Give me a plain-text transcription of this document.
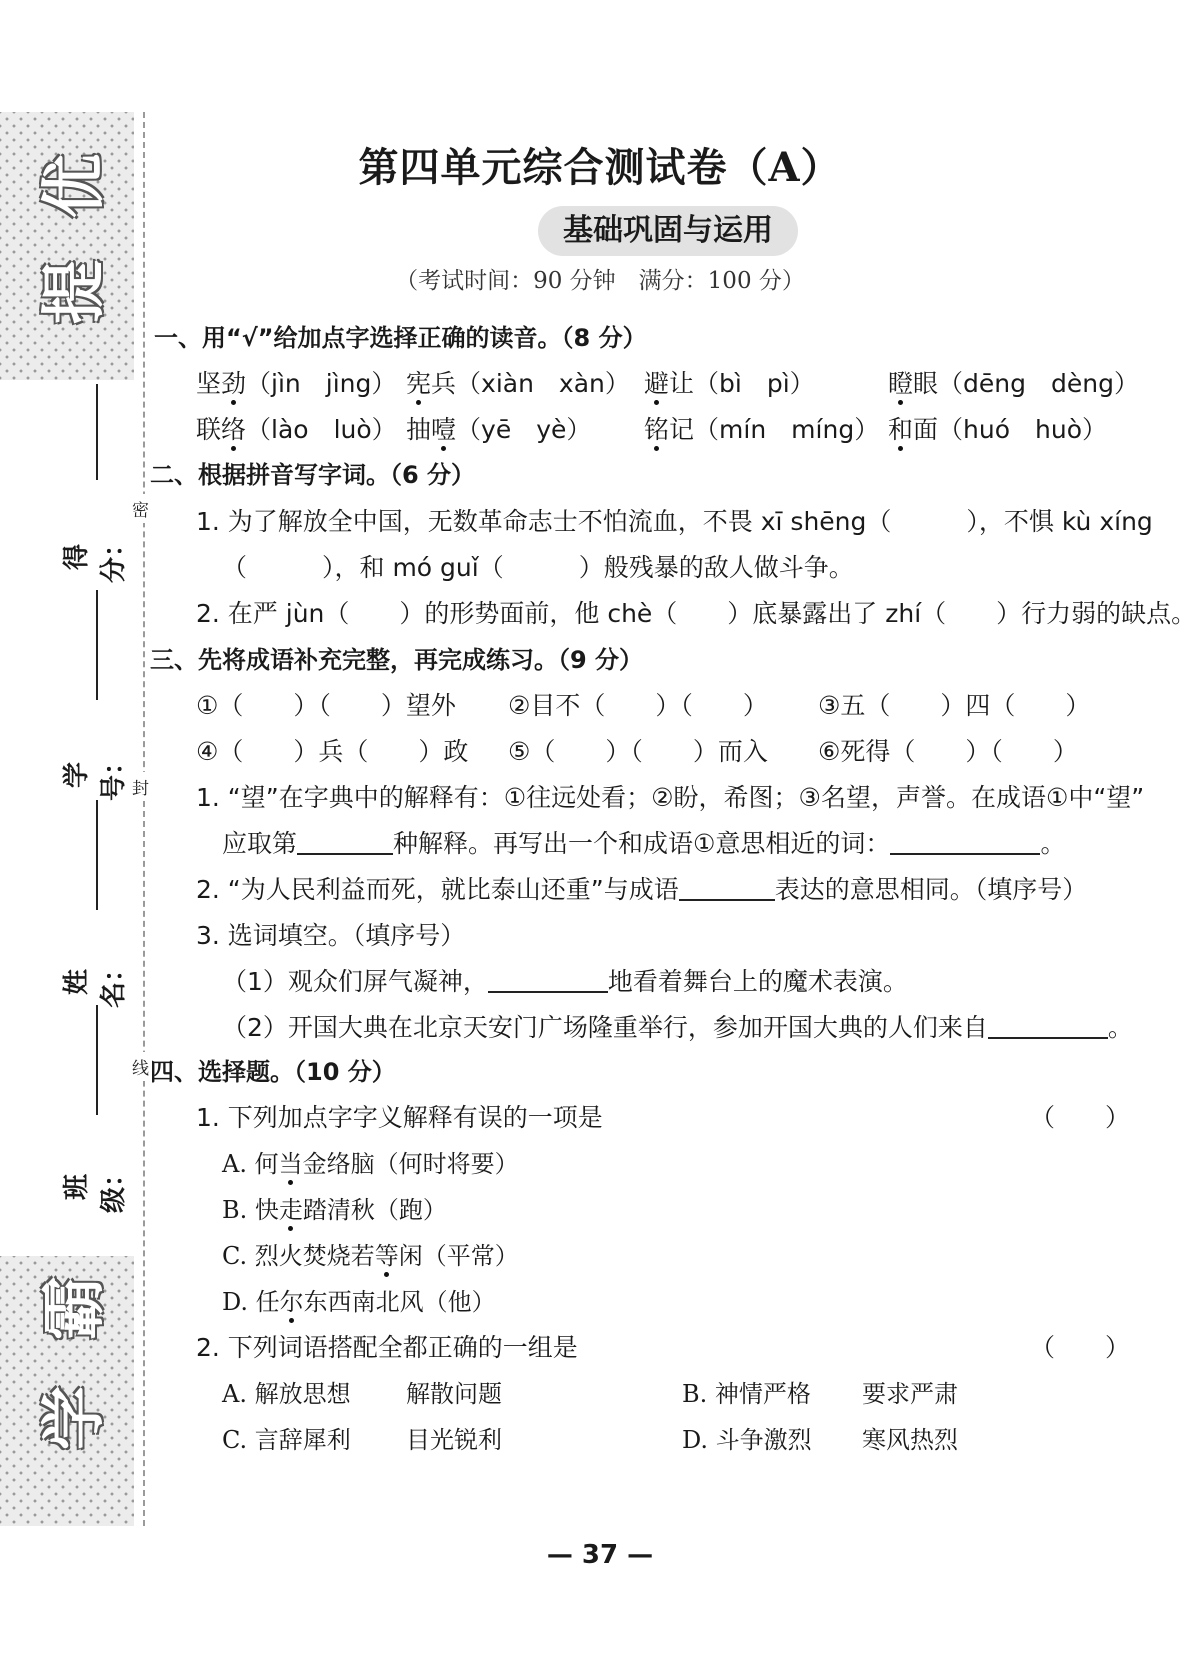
优
提
霸
学
得分：
学号：
姓名：
班级：
密
封
线
第四单元综合测试卷（A）
基础巩固与运用
（考试时间：90 分钟　满分：100 分）
一、用“√”给加点字选择正确的读音。（8 分）
坚劲（jìn　jìng） 宪兵（xiàn　xàn） 避让（bì　pì）	瞪眼（dēng　dèng）
联络（lào　luò） 抽噎（yē　yè） 铭记（mín　míng） 和面（huó　huò）
二、根据拼音写字词。（6 分）
1. 为了解放全中国，无数革命志士不怕流血，不畏 xī shēng（　　　），不惧 kù xíng
（　　　），和 mó guǐ（　　　）般残暴的敌人做斗争。
2. 在严 jùn（　　）的形势面前，他 chè（　　）底暴露出了 zhí（　　）行力弱的缺点。
三、先将成语补充完整，再完成练习。（9 分）
①（　　）（　　）望外 ②目不（　　）（　　） ③五（　　）四（　　）
④（　　）兵（　　）政 ⑤（　　）（　　）而入 ⑥死得（　　）（　　）
1. “望”在字典中的解释有：①往远处看；②盼，希图；③名望，声誉。在成语①中“望”
应取第	种解释。再写出一个和成语①意思相近的词：	。
2. “为人民利益而死，就比泰山还重”与成语	表达的意思相同。（填序号）
3. 选词填空。（填序号）
（1）观众们屏气凝神，	地看着舞台上的魔术表演。
（2）开国大典在北京天安门广场隆重举行，参加开国大典的人们来自	。
四、选择题。（10 分）
1. 下列加点字字义解释有误的一项是	（　　）
A. 何当金络脑（何时将要）
B. 快走踏清秋（跑）
C. 烈火焚烧若等闲（平常）
D. 任尔东西南北风（他）
2. 下列词语搭配全都正确的一组是	（　　）
A. 解放思想 解散问题	B. 神情严格 要求严肃
C. 言辞犀利 目光锐利	D. 斗争激烈 寒风热烈
— 37 —
